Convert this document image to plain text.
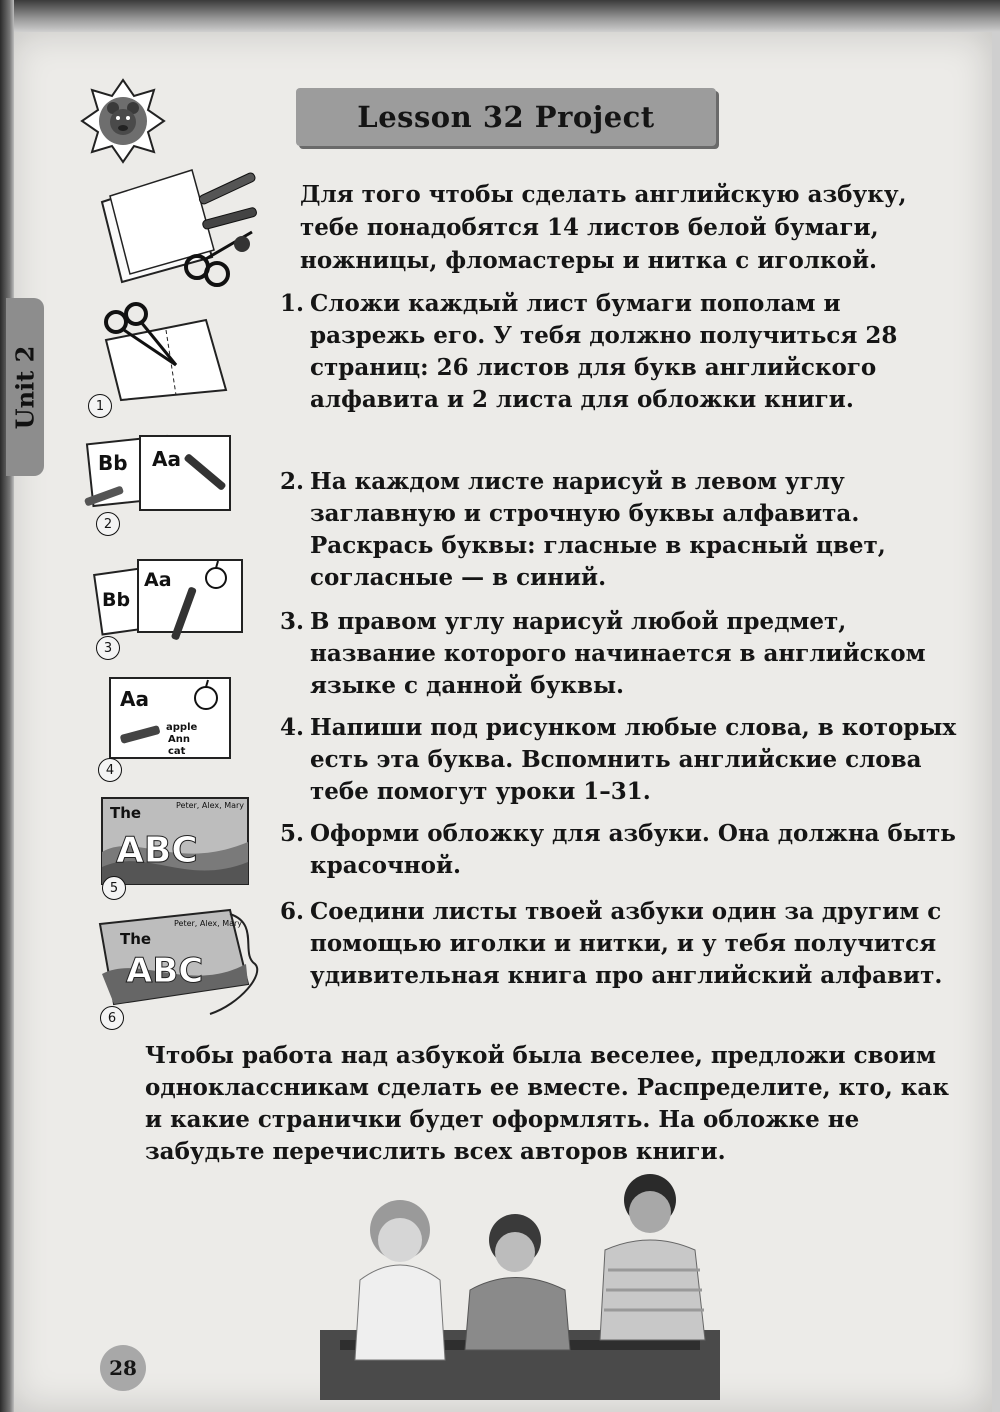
Unit 2
Lesson 32 Project
Для того чтобы сделать английскую азбуку, тебе понадобятся 14 листов белой бумаги, ножницы, фломастеры и нитка с иголкой.
1. Сложи каждый лист бумаги пополам и разрежь его. У тебя должно получиться 28 страниц: 26 листов для букв английского алфавита и 2 листа для обложки книги.
2. На каждом листе нарисуй в левом углу заглавную и строчную буквы алфавита. Раскрась буквы: гласные в красный цвет, согласные — в синий.
3. В правом углу нарисуй любой предмет, название которого начинается в английском языке с данной буквы.
4. Напиши под рисунком любые слова, в которых есть эта буква. Вспомнить английские слова тебе помогут уроки 1–31.
5. Оформи обложку для азбуки. Она должна быть красочной.
6. Соедини листы твоей азбуки один за другим с помощью иголки и нитки, и у тебя получится удивительная книга про английский алфавит.
Чтобы работа над азбукой была веселее, предложи своим одноклассникам сделать ее вместе. Распределите, кто, как и какие странички будет оформлять. На обложке не забудьте перечислить всех авторов книги.
1
Bb Aa
2
Bb
Aa
3
Aa
apple
Ann
cat
4
The	Peter, Alex, Mary
ABC
5
The
Peter, Alex, Mary
ABC
6
28
